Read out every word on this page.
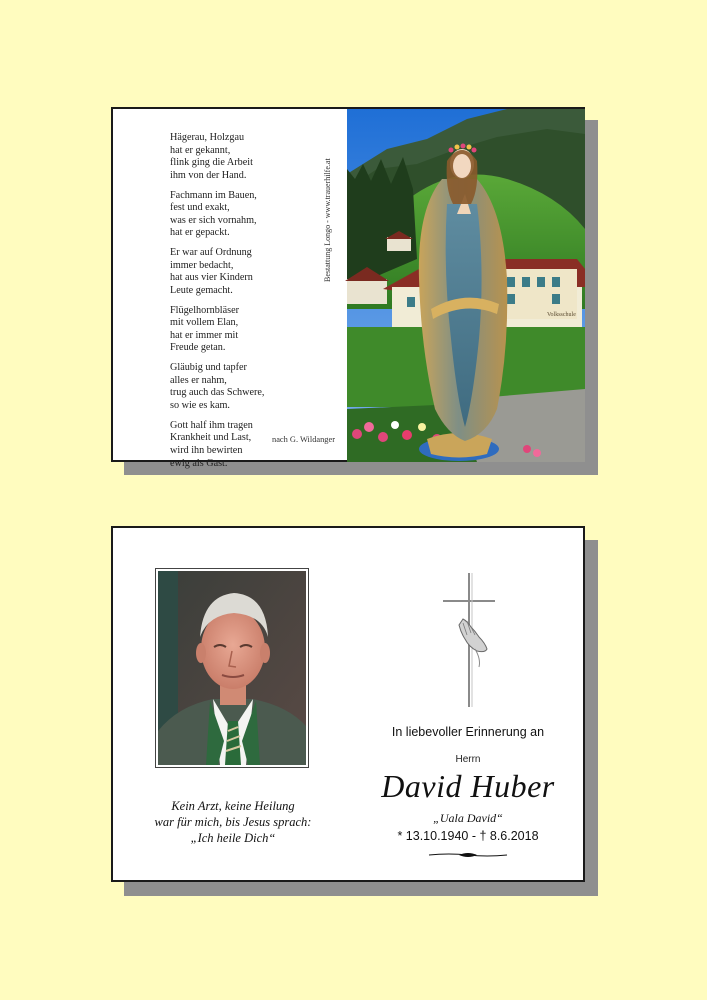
Hägerau, Holzgau
hat er gekannt,
flink ging die Arbeit
ihm von der Hand.
Fachmann im Bauen,
fest und exakt,
was er sich vornahm,
hat er gepackt.
Er war auf Ordnung
immer bedacht,
hat aus vier Kindern
Leute gemacht.
Flügelhornbläser
mit vollem Elan,
hat er immer mit
Freude getan.
Gläubig und tapfer
alles er nahm,
trug auch das Schwere,
so wie es kam.
Gott half ihm tragen
Krankheit und Last,
wird ihn bewirten
ewig als Gast.
nach G. Wildanger
Bestattung Longo - www.trauerhilfe.at
Volksschule
Kein Arzt, keine Heilung
war für mich, bis Jesus sprach:
„Ich heile Dich“
In liebevoller Erinnerung an
Herrn
David Huber
„Uala David“
* 13.10.1940 - † 8.6.2018
